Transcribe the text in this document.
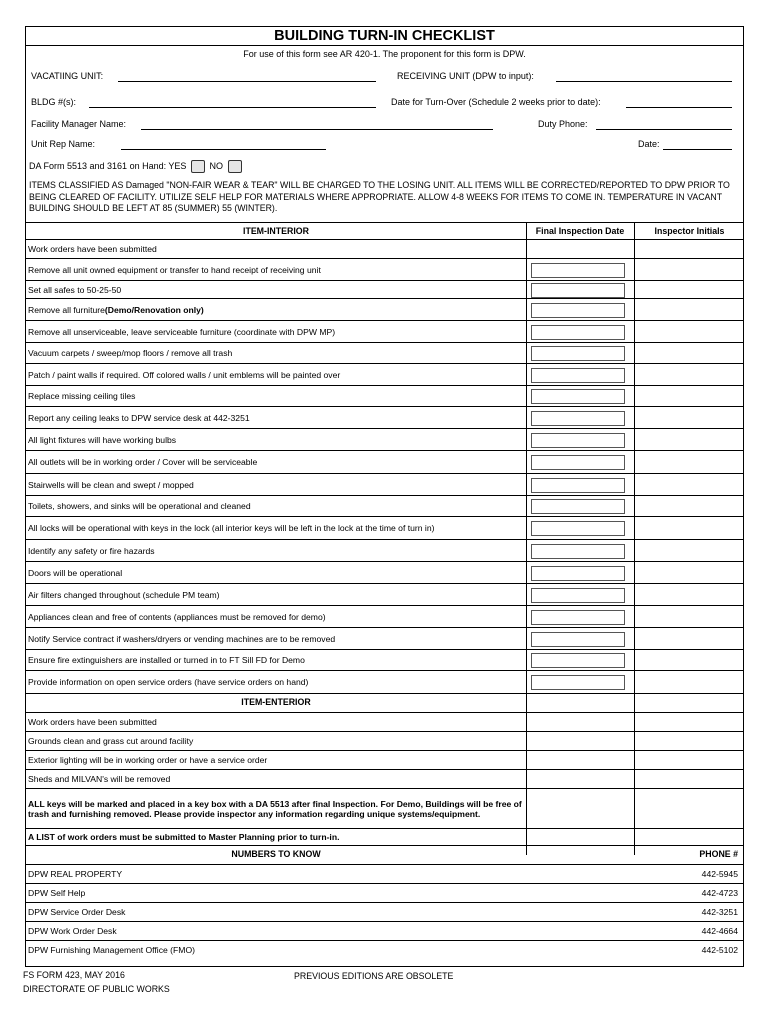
BUILDING TURN-IN CHECKLIST
For use of this form see AR 420-1. The proponent for this form is DPW.
VACATIING UNIT:	RECEIVING UNIT (DPW to input):
BLDG #(s):	Date for Turn-Over (Schedule 2 weeks prior to date):
Facility Manager Name:	Duty Phone:
Unit Rep Name:	Date:
DA Form 5513 and 3161 on Hand: YES	NO
ITEMS CLASSIFIED AS Damaged "NON-FAIR WEAR & TEAR" WILL BE CHARGED TO THE LOSING UNIT. ALL ITEMS WILL BE CORRECTED/REPORTED TO DPW PRIOR TO BEING CLEARED OF FACILITY. UTILIZE SELF HELP FOR MATERIALS WHERE APPROPRIATE. ALLOW 4-8 WEEKS FOR ITEMS TO COME IN. TEMPERATURE IN VACANT BUILDING SHOULD BE LEFT AT 85 (SUMMER) 55 (WINTER).
ITEM-INTERIOR	Final Inspection Date	Inspector Initials
Work orders have been submitted
Remove all unit owned equipment or transfer to hand receipt of receiving unit
Set all safes to 50-25-50
Remove all furniture (Demo/Renovation only)
Remove all unserviceable, leave serviceable furniture (coordinate with DPW MP)
Vacuum carpets / sweep/mop floors / remove all trash
Patch / paint walls if required. Off colored walls / unit emblems will be painted over
Replace missing ceiling tiles
Report any ceiling leaks to DPW service desk at 442-3251
All light fixtures will have working bulbs
All outlets will be in working order / Cover will be serviceable
Stairwells will be clean and swept / mopped
Toilets, showers, and sinks will be operational and cleaned
All locks will be operational with keys in the lock (all interior keys will be left in the lock at the time of turn in)
Identify any safety or fire hazards
Doors will be operational
Air filters changed throughout (schedule PM team)
Appliances clean and free of contents (appliances must be removed for demo)
Notify Service contract if washers/dryers or vending machines are to be removed
Ensure fire extinguishers are installed or turned in to FT Sill FD for Demo
Provide information on open service orders (have service orders on hand)
ITEM-ENTERIOR
Work orders have been submitted
Grounds clean and grass cut around facility
Exterior lighting will be in working order or have a service order
Sheds and MILVAN's will be removed
ALL keys will be marked and placed in a key box with a DA 5513 after final Inspection. For Demo, Buildings will be free of trash and furnishing removed. Please provide inspector any information regarding unique systems/equipment.
A LIST of work orders must be submitted to Master Planning prior to turn-in.
NUMBERS TO KNOW	PHONE #
DPW REAL PROPERTY	442-5945
DPW Self Help	442-4723
DPW Service Order Desk	442-3251
DPW Work Order Desk	442-4664
DPW Furnishing Management Office (FMO)	442-5102
FS FORM 423, MAY 2016	PREVIOUS EDITIONS ARE OBSOLETE
DIRECTORATE OF PUBLIC WORKS
